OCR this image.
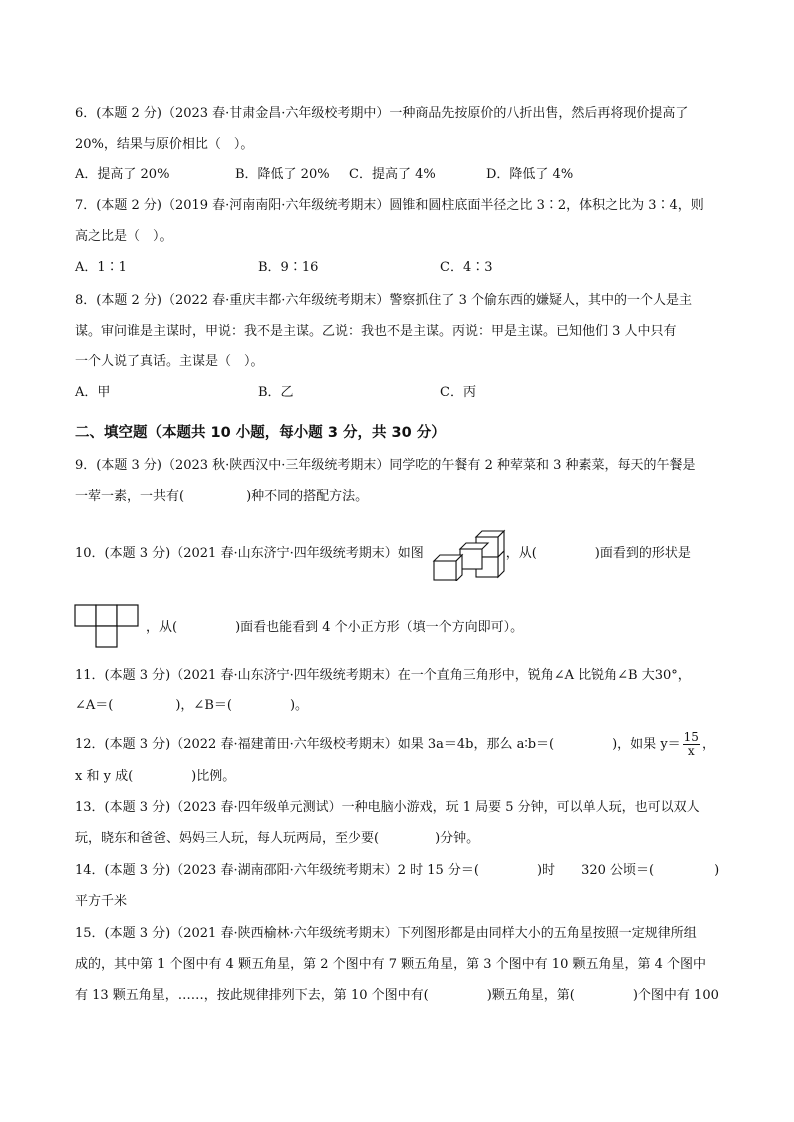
6．(本题 2 分)（2023 春·甘肃金昌·六年级校考期中）一种商品先按原价的八折出售，然后再将现价提高了
20%，结果与原价相比（　）。
A．提高了 20%	B．降低了 20% C．提高了 4%	D．降低了 4%
7．(本题 2 分)（2019 春·河南南阳·六年级统考期末）圆锥和圆柱底面半径之比 3∶2，体积之比为 3∶4，则
高之比是（　）。
A．1∶1	B．9∶16	C．4∶3
8．(本题 2 分)（2022 春·重庆丰都·六年级统考期末）警察抓住了 3 个偷东西的嫌疑人，其中的一个人是主
谋。审问谁是主谋时，甲说：我不是主谋。乙说：我也不是主谋。丙说：甲是主谋。已知他们 3 人中只有
一个人说了真话。主谋是（　）。
A．甲	B．乙	C．丙
二、填空题（本题共 10 小题，每小题 3 分，共 30 分）
9．(本题 3 分)（2023 秋·陕西汉中·三年级统考期末）同学吃的午餐有 2 种荤菜和 3 种素菜，每天的午餐是
一荤一素，一共有(	)种不同的搭配方法。
10．(本题 3 分)（2021 春·山东济宁·四年级统考期末）如图	，从(	)面看到的形状是
，从(	)面看也能看到 4 个小正方形（填一个方向即可）。
11．(本题 3 分)（2021 春·山东济宁·四年级统考期末）在一个直角三角形中，锐角∠A 比锐角∠B 大30°，
∠A＝(	)，∠B＝(	)。
12．(本题 3 分)（2022 春·福建莆田·六年级校考期末）如果 3a＝4b，那么 a∶b＝(	)，如果 $y= \frac{15}{x}$ ，
x 和 y 成(	)比例。
13．(本题 3 分)（2023 春·四年级单元测试）一种电脑小游戏，玩 1 局要 5 分钟，可以单人玩，也可以双人
玩，晓东和爸爸、妈妈三人玩，每人玩两局，至少要(	)分钟。
14．(本题 3 分)（2023 春·湖南邵阳·六年级统考期末）2 时 15 分＝(	)时 320 公顷＝(	)
平方千米
15．(本题 3 分)（2021 春·陕西榆林·六年级统考期末）下列图形都是由同样大小的五角星按照一定规律所组
成的，其中第 1 个图中有 4 颗五角星，第 2 个图中有 7 颗五角星，第 3 个图中有 10 颗五角星，第 4 个图中
有 13 颗五角星，……，按此规律排列下去，第 10 个图中有(	)颗五角星，第(	)个图中有 100
